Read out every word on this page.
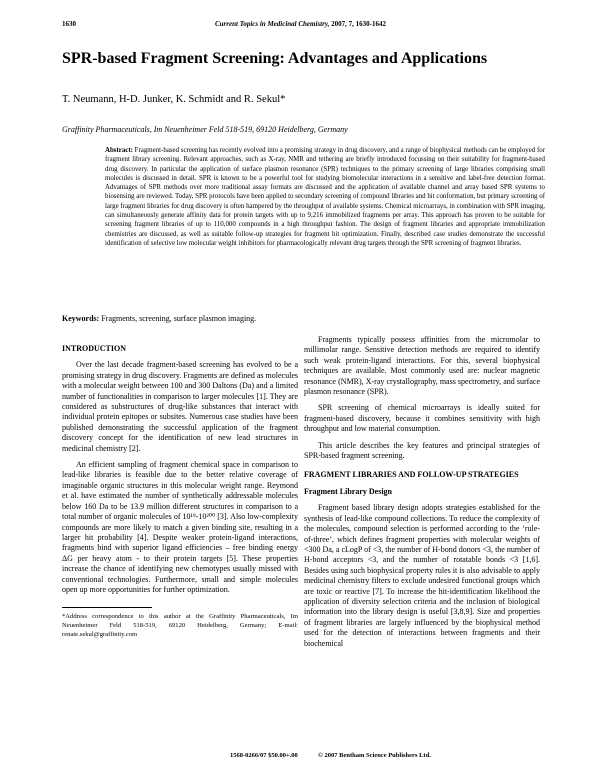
1630	Current Topics in Medicinal Chemistry, 2007, 7, 1630-1642
SPR-based Fragment Screening: Advantages and Applications
T. Neumann, H-D. Junker, K. Schmidt and R. Sekul*
Graffinity Pharmaceuticals, Im Neuenheimer Feld 518-519, 69120 Heidelberg, Germany

Abstract: Fragment-based screening has recently evolved into a promising strategy in drug discovery, and a range of biophysical methods can be employed for fragment library screening. Relevant approaches, such as X-ray, NMR and tethering are briefly introduced focussing on their suitability for fragment-based drug discovery. In particular the application of surface plasmon resonance (SPR) techniques to the primary screening of large libraries comprising small molecules is discussed in detail. SPR is known to be a powerful tool for studying biomolecular interactions in a sensitive and label-free detection format. Advantages of SPR methods over more traditional assay formats are discussed and the application of available channel and array based SPR systems to biosensing are reviewed. Today, SPR protocols have been applied to secondary screening of compound libraries and hit conformation, but primary screening of large fragment libraries for drug discovery is often hampered by the throughput of available systems. Chemical microarrays, in combination with SPR imaging, can simultaneously generate affinity data for protein targets with up to 9,216 immobilized fragments per array. This approach has proven to be suitable for screening fragment libraries of up to 110,000 compounds in a high throughput fashion. The design of fragment libraries and appropriate immobilization chemistries are discussed, as well as suitable follow-up strategies for fragment hit optimization. Finally, described case studies demonstrate the successful identification of selective low molecular weight inhibitors for pharmacologically relevant drug targets through the SPR screening of fragment libraries.

Keywords: Fragments, screening, surface plasmon imaging.
INTRODUCTION

Over the last decade fragment-based screening has evolved to be a promising strategy in drug discovery. Fragments are defined as molecules with a molecular weight between 100 and 300 Daltons (Da) and a limited number of functionalities in comparison to larger molecules [1]. They are considered as substructures of drug-like substances that interact with individual protein epitopes or subsites. Numerous case studies have been published demonstrating the successful application of the fragment discovery concept for the identification of new lead structures in medicinal chemistry [2].

An efficient sampling of fragment chemical space in comparison to lead-like libraries is feasible due to the better relative coverage of imaginable organic structures in this molecular weight range. Reymond et al. have estimated the number of synthetically addressable molecules below 160 Da to be 13.9 million different structures in comparison to a total number of organic molecules of 10¹⁹-10²⁰⁰ [3]. Also low-complexity compounds are more likely to match a given binding site, resulting in a larger hit probability [4]. Despite weaker protein-ligand interactions, fragments bind with superior ligand efficiencies – free binding energy ΔG per heavy atom - to their protein targets [5]. These properties increase the chance of identifying new chemotypes usually missed with conventional technologies. Furthermore, small and simple molecules open up more opportunities for further optimization.

*Address correspondence to this author at the Graffinity Pharmaceuticals, Im Neuenheimer Feld 518-519, 69120 Heidelberg, Germany; E-mail: renate.sekul@graffinity.com

Fragments typically possess affinities from the micromolar to millimolar range. Sensitive detection methods are required to identify such weak protein-ligand interactions. For this, several biophysical techniques are available. Most commonly used are: nuclear magnetic resonance (NMR), X-ray crystallography, mass spectrometry, and surface plasmon resonance (SPR).

SPR screening of chemical microarrays is ideally suited for fragment-based discovery, because it combines sensitivity with high throughput and low material consumption.

This article describes the key features and principal strategies of SPR-based fragment screening.

FRAGMENT LIBRARIES AND FOLLOW-UP STRATEGIES
Fragment Library Design

Fragment based library design adopts strategies established for the synthesis of lead-like compound collections. To reduce the complexity of the molecules, compound selection is performed according to the ‘rule-of-three’, which defines fragment properties with molecular weights of <300 Da, a cLogP of <3, the number of H-bond donors <3, the number of H-bond acceptors <3, and the number of rotatable bonds <3 [1,6]. Besides using such biophysical property rules it is also advisable to apply medicinal chemistry filters to exclude undesired functional groups which are toxic or reactive [7]. To increase the hit-identification likelihood the application of diversity selection criteria and the inclusion of biological information into the library design is useful [3,8,9]. Size and properties of fragment libraries are largely influenced by the biophysical method used for the detection of interactions between fragments and their biochemical

1568-0266/07 $50.00+.00	© 2007 Bentham Science Publishers Ltd.
